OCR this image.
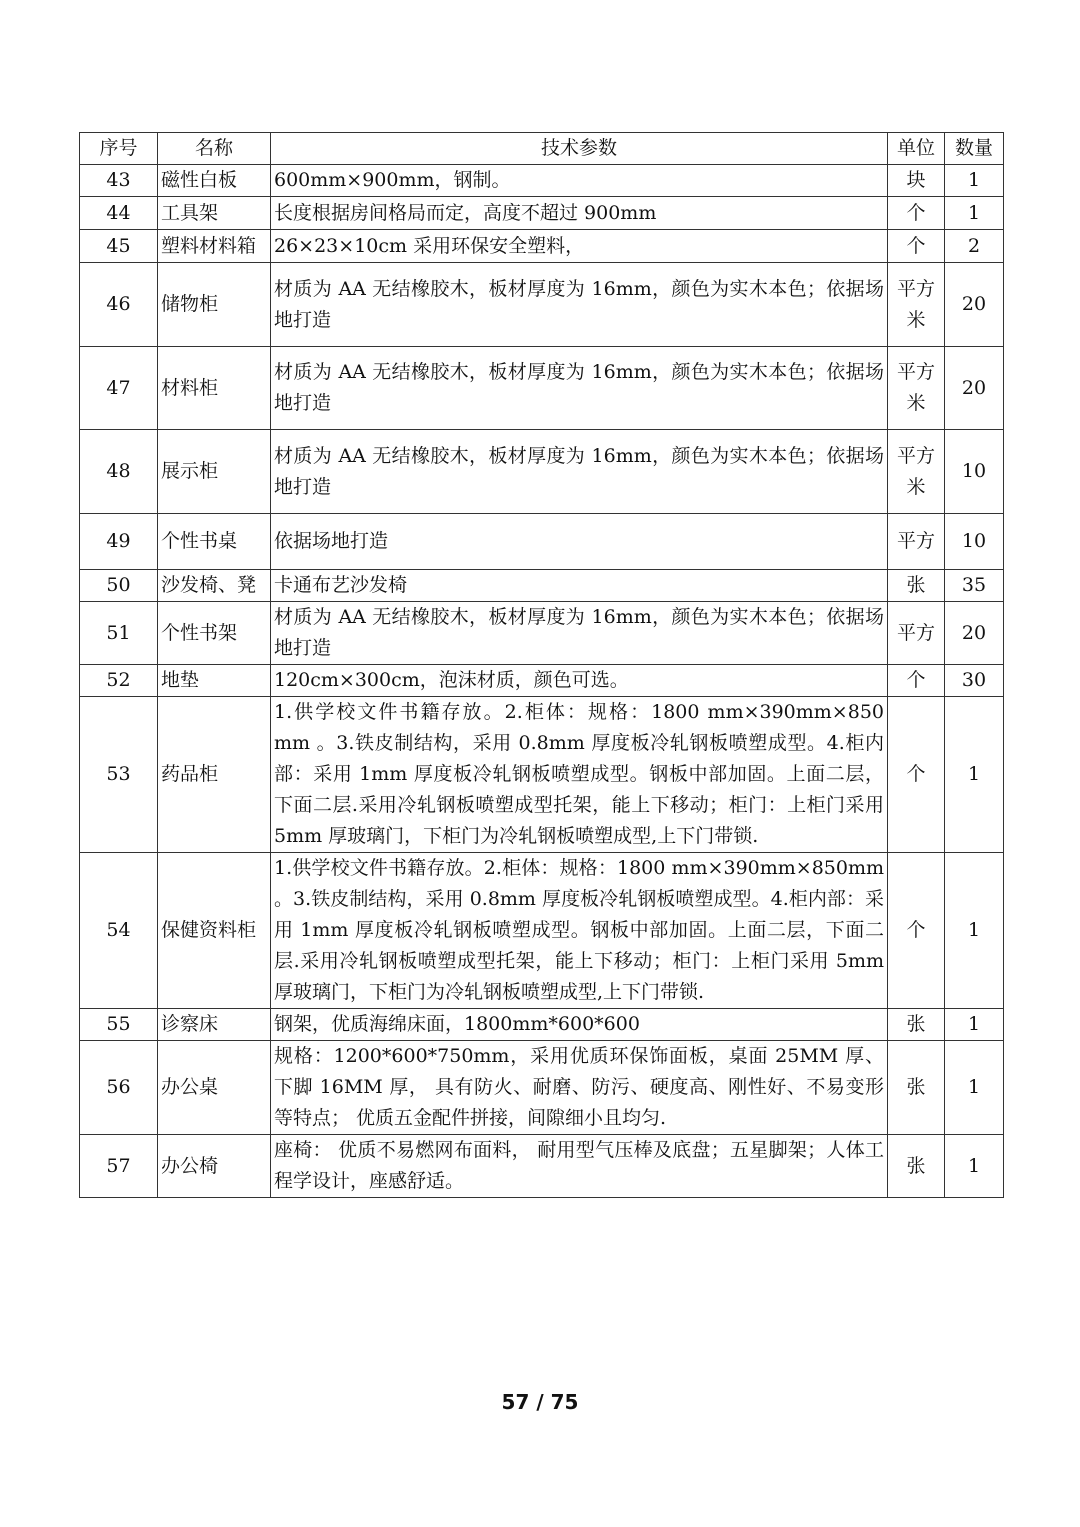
序号	名称	技术参数	单位	数量
43	磁性白板	600mm×900mm，钢制。	块	1
44	工具架	长度根据房间格局而定，高度不超过 900mm	个	1
45	塑料材料箱	26×23×10cm 采用环保安全塑料，	个	2
46	储物柜	材质为 AA 无结橡胶木，板材厚度为 16mm，颜色为实木本色；依据场地打造	平方米	20
47	材料柜	材质为 AA 无结橡胶木，板材厚度为 16mm，颜色为实木本色；依据场地打造	平方米	20
48	展示柜	材质为 AA 无结橡胶木，板材厚度为 16mm，颜色为实木本色；依据场地打造	平方米	10
49	个性书桌	依据场地打造	平方	10
50	沙发椅、凳	卡通布艺沙发椅	张	35
51	个性书架	材质为 AA 无结橡胶木，板材厚度为 16mm，颜色为实木本色；依据场地打造	平方	20
52	地垫	120cm×300cm，泡沫材质，颜色可选。	个	30
53	药品柜	1.供学校文件书籍存放。2.柜体：规格：1800 mm×390mm×850 mm 。3.铁皮制结构，采用 0.8mm 厚度板冷轧钢板喷塑成型。4.柜内部：采用 1mm 厚度板冷轧钢板喷塑成型。钢板中部加固。上面二层，下面二层.采用冷轧钢板喷塑成型托架，能上下移动；柜门：上柜门采用 5mm 厚玻璃门，下柜门为冷轧钢板喷塑成型,上下门带锁.	个	1
54	保健资料柜	1.供学校文件书籍存放。2.柜体：规格：1800 mm×390mm×850mm 。3.铁皮制结构，采用 0.8mm 厚度板冷轧钢板喷塑成型。4.柜内部：采用 1mm 厚度板冷轧钢板喷塑成型。钢板中部加固。上面二层，下面二层.采用冷轧钢板喷塑成型托架，能上下移动；柜门：上柜门采用 5mm 厚玻璃门，下柜门为冷轧钢板喷塑成型,上下门带锁.	个	1
55	诊察床	钢架，优质海绵床面，1800mm*600*600	张	1
56	办公桌	规格：1200*600*750mm，采用优质环保饰面板，桌面 25MM 厚、下脚 16MM 厚， 具有防火、耐磨、防污、硬度高、刚性好、不易变形等特点； 优质五金配件拼接，间隙细小且均匀.	张	1
57	办公椅	座椅： 优质不易燃网布面料， 耐用型气压棒及底盘；五星脚架；人体工程学设计，座感舒适。	张	1
57 / 75
